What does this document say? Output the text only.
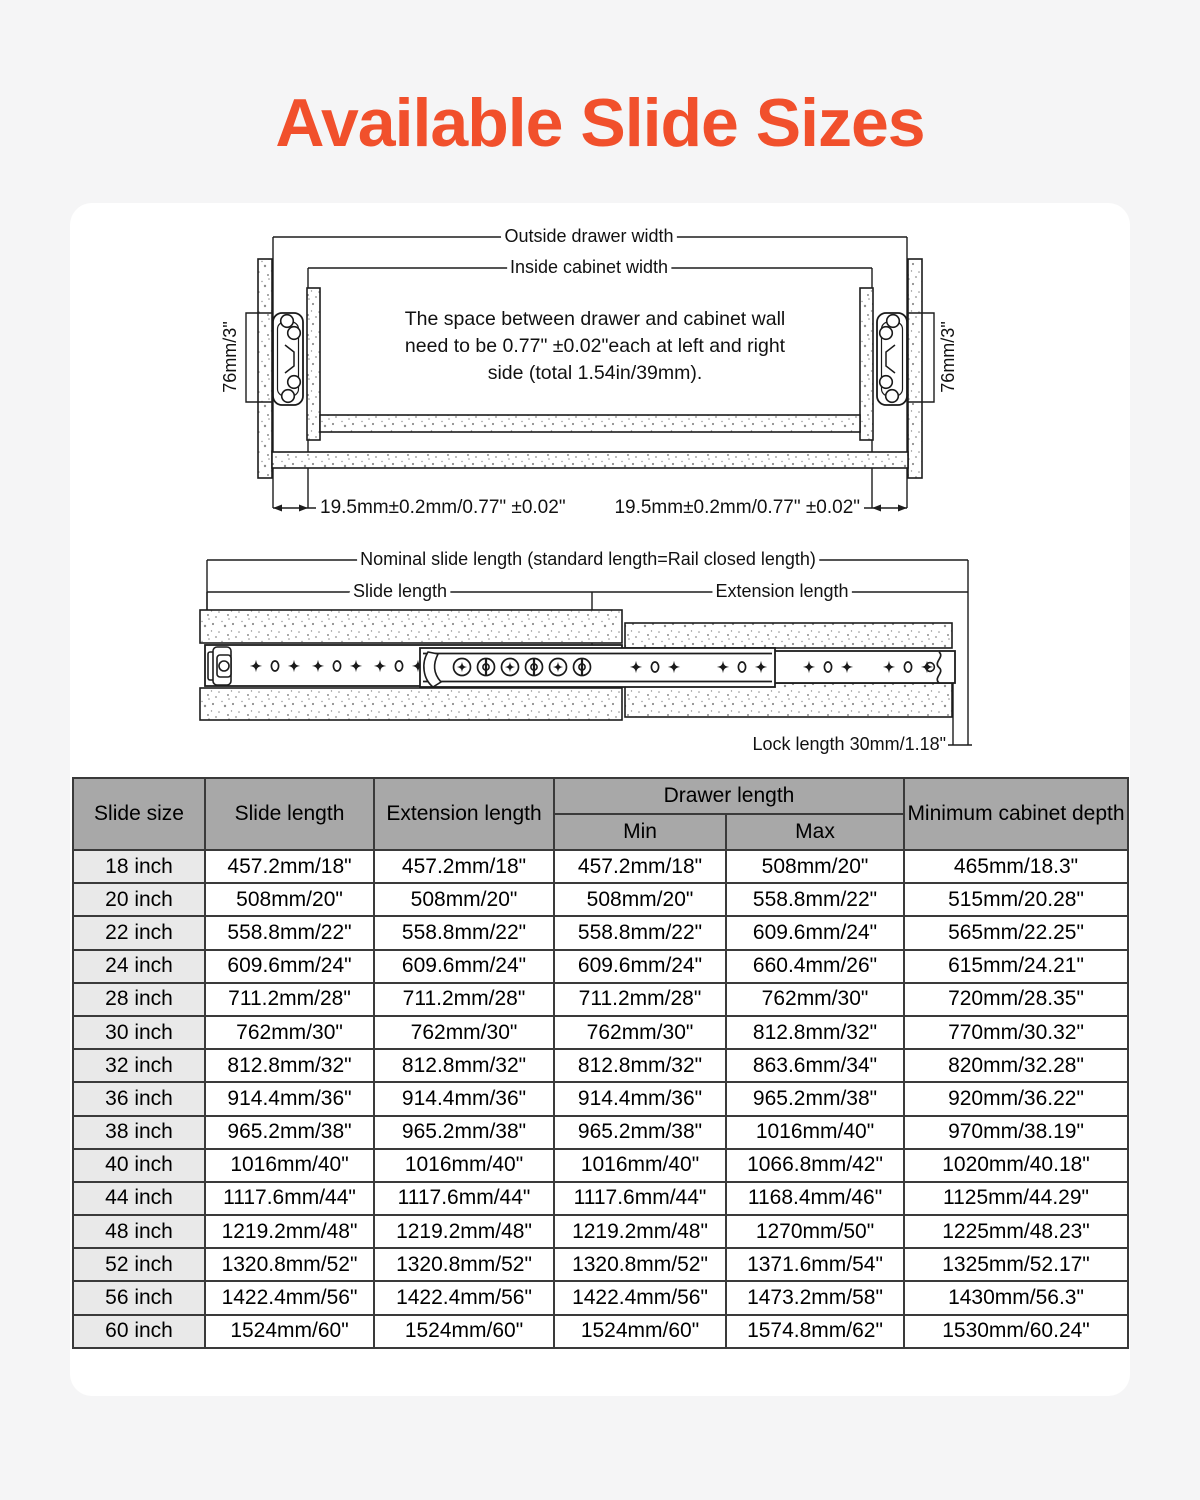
Available Slide Sizes
76mm/3"	76mm/3"
Outside drawer width
Inside cabinet width
The space between drawer and cabinet wall
need to be 0.77" ±0.02"each at left and right
side (total 1.54in/39mm).
19.5mm±0.2mm/0.77" ±0.02"	19.5mm±0.2mm/0.77" ±0.02"
Nominal slide length (standard length=Rail closed length)
Slide length	Extension length
Lock length 30mm/1.18"
Slide size	Slide length	Extension length	Drawer length		Minimum cabinet depth
			Min	Max	
18 inch	457.2mm/18"	457.2mm/18"	457.2mm/18"	508mm/20"	465mm/18.3"
20 inch	508mm/20"	508mm/20"	508mm/20"	558.8mm/22"	515mm/20.28"
22 inch	558.8mm/22"	558.8mm/22"	558.8mm/22"	609.6mm/24"	565mm/22.25"
24 inch	609.6mm/24"	609.6mm/24"	609.6mm/24"	660.4mm/26"	615mm/24.21"
28 inch	711.2mm/28"	711.2mm/28"	711.2mm/28"	762mm/30"	720mm/28.35"
30 inch	762mm/30"	762mm/30"	762mm/30"	812.8mm/32"	770mm/30.32"
32 inch	812.8mm/32"	812.8mm/32"	812.8mm/32"	863.6mm/34"	820mm/32.28"
36 inch	914.4mm/36"	914.4mm/36"	914.4mm/36"	965.2mm/38"	920mm/36.22"
38 inch	965.2mm/38"	965.2mm/38"	965.2mm/38"	1016mm/40"	970mm/38.19"
40 inch	1016mm/40"	1016mm/40"	1016mm/40"	1066.8mm/42"	1020mm/40.18"
44 inch	1117.6mm/44"	1117.6mm/44"	1117.6mm/44"	1168.4mm/46"	1125mm/44.29"
48 inch	1219.2mm/48"	1219.2mm/48"	1219.2mm/48"	1270mm/50"	1225mm/48.23"
52 inch	1320.8mm/52"	1320.8mm/52"	1320.8mm/52"	1371.6mm/54"	1325mm/52.17"
56 inch	1422.4mm/56"	1422.4mm/56"	1422.4mm/56"	1473.2mm/58"	1430mm/56.3"
60 inch	1524mm/60"	1524mm/60"	1524mm/60"	1574.8mm/62"	1530mm/60.24"
